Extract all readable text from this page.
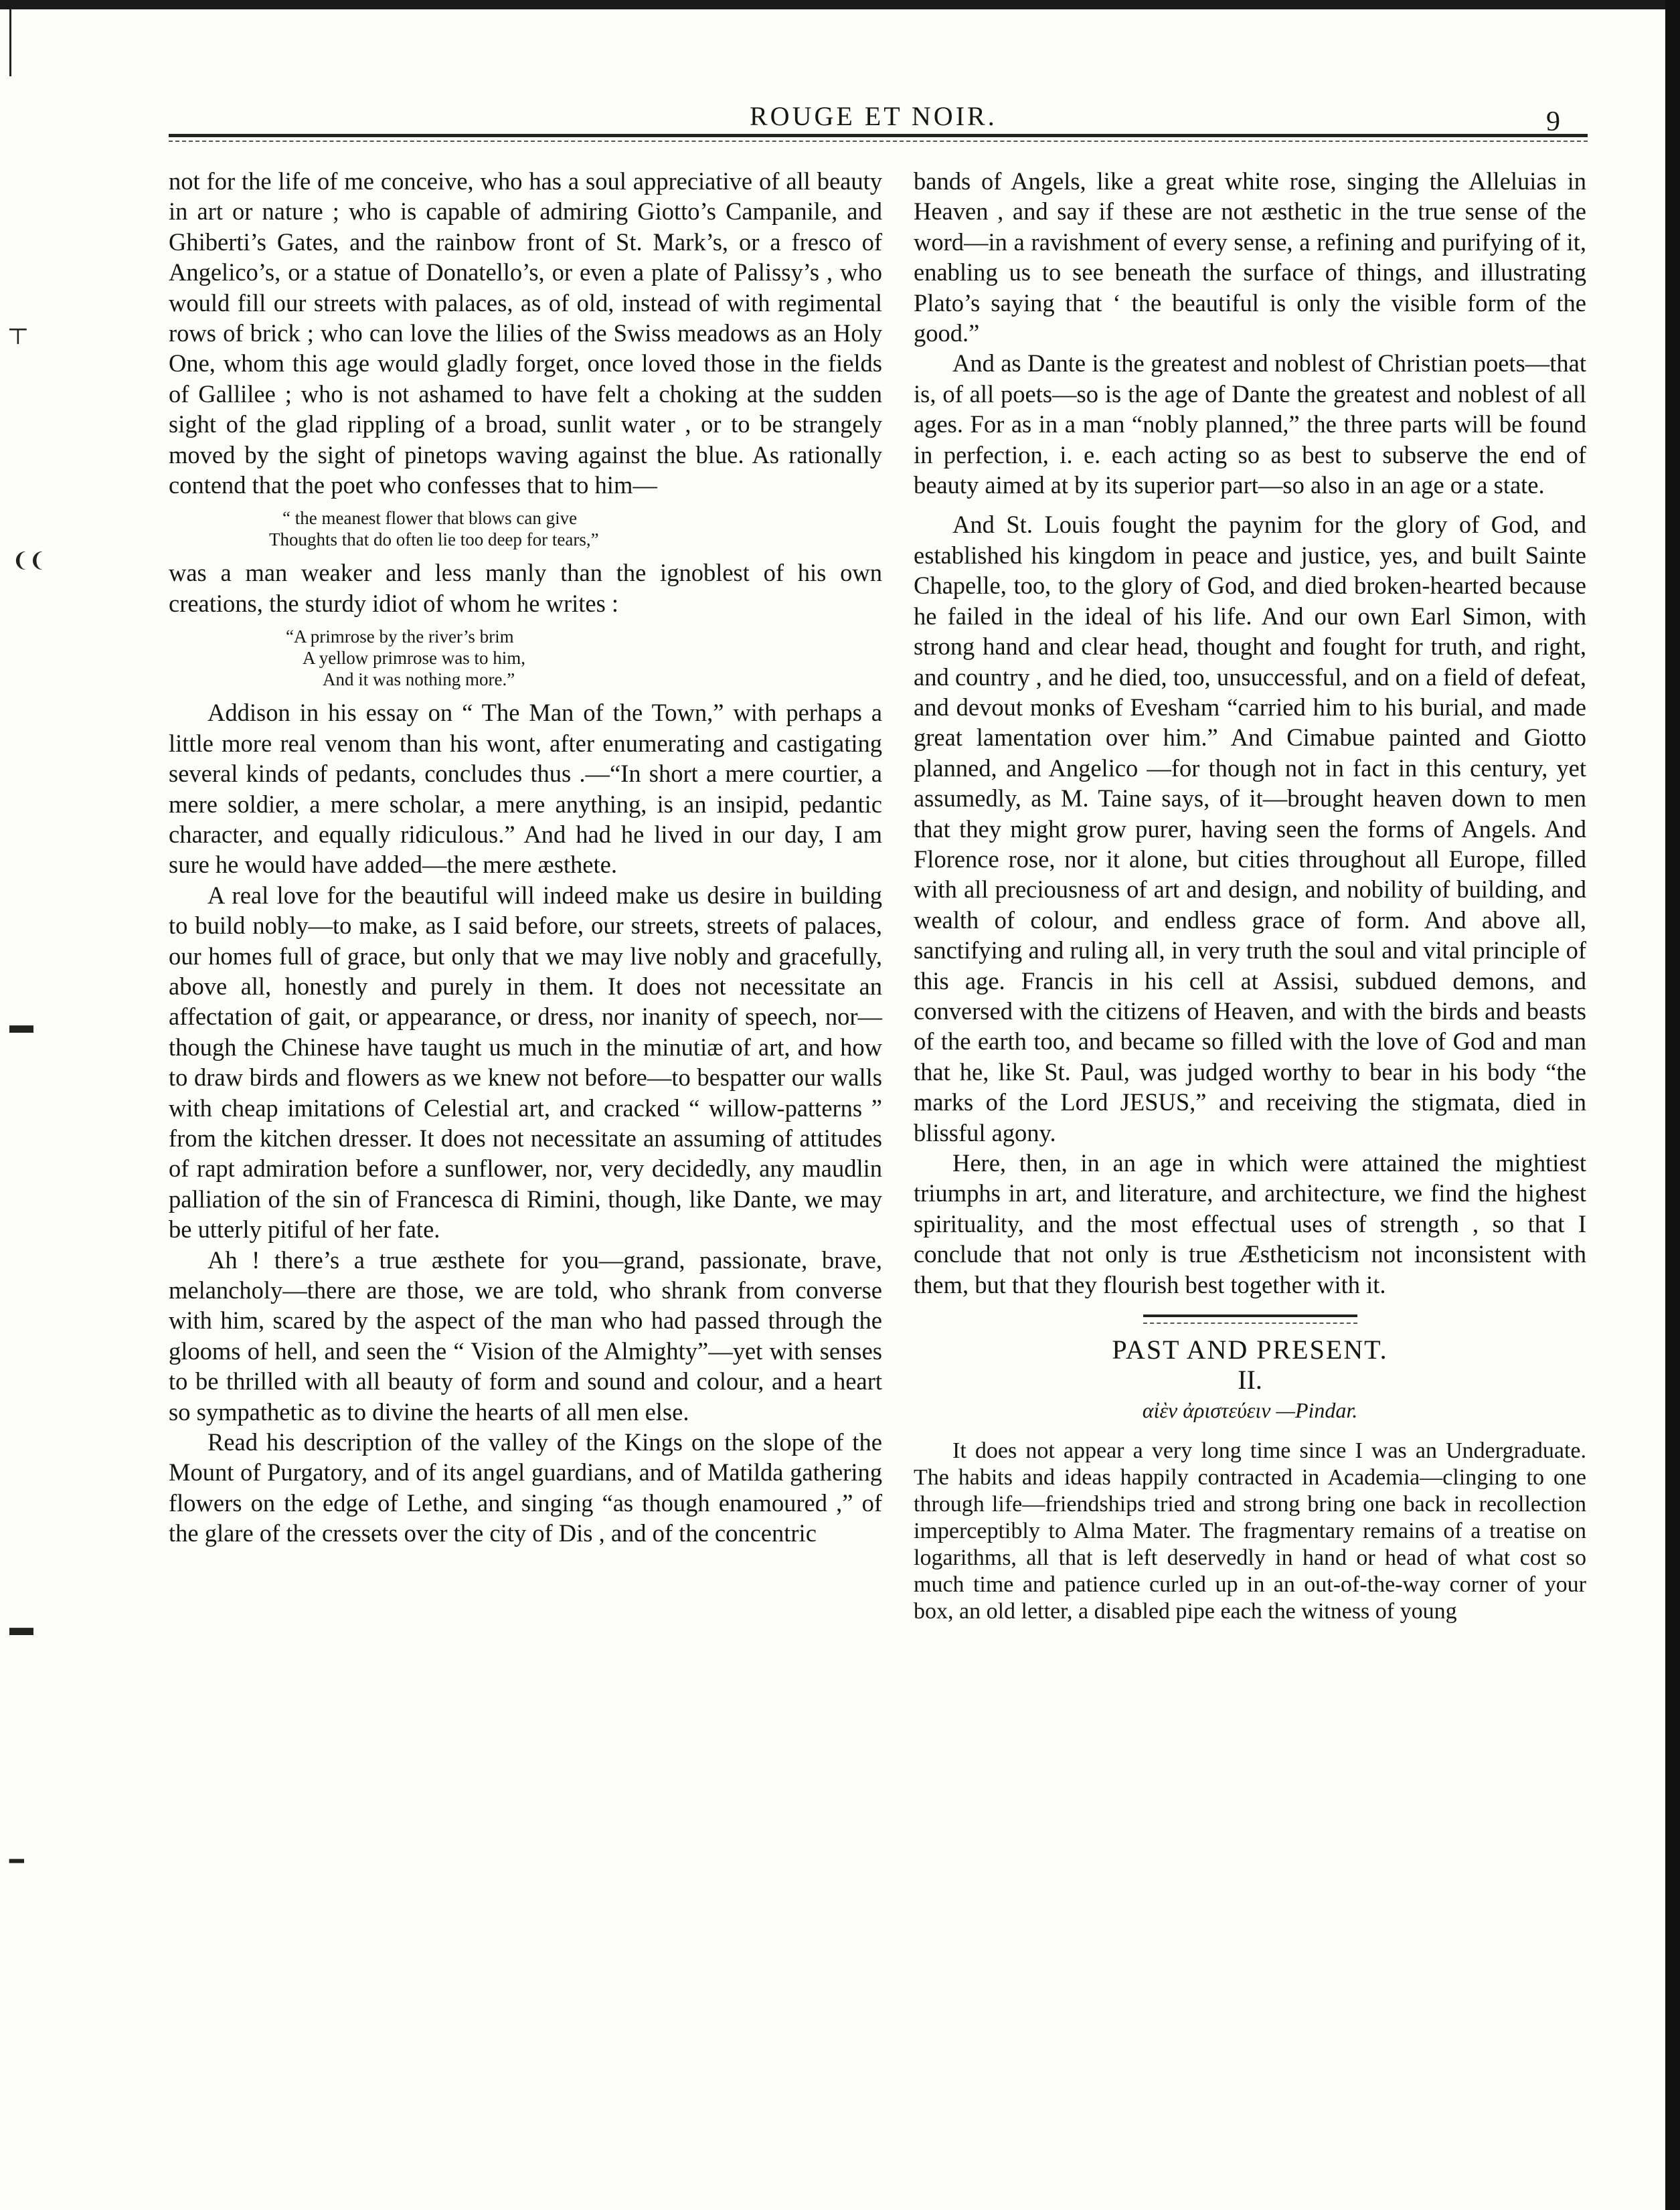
ROUGE ET NOIR.	9
┬
❨❨
▬
▬
━

not for the life of me conceive, who has a soul appreciative of all beauty in art or nature ; who is capable of admiring Giotto’s Campanile, and Ghiberti’s Gates, and the rainbow front of St. Mark’s, or a fresco of Angelico’s, or a statue of Donatello’s, or even a plate of Palissy’s , who would fill our streets with palaces, as of old, instead of with regimental rows of brick ; who can love the lilies of the Swiss meadows as an Holy One, whom this age would gladly forget, once loved those in the fields of Gallilee ; who is not ashamed to have felt a choking at the sudden sight of the glad rippling of a broad, sunlit water , or to be strangely moved by the sight of pinetops waving against the blue. As rationally contend that the poet who confesses that to him—

“ the meanest flower that blows can give

Thoughts that do often lie too deep for tears,”

was a man weaker and less manly than the ignoblest of his own creations, the sturdy idiot of whom he writes :

“A primrose by the river’s brim

A yellow primrose was to him,

And it was nothing more.”

Addison in his essay on “ The Man of the Town,” with perhaps a little more real venom than his wont, after enumerating and castigating several kinds of pedants, concludes thus .—“In short a mere courtier, a mere soldier, a mere scholar, a mere anything, is an insipid, pedantic character, and equally ridiculous.” And had he lived in our day, I am sure he would have added—the mere æsthete.

A real love for the beautiful will indeed make us desire in building to build nobly—to make, as I said before, our streets, streets of palaces, our homes full of grace, but only that we may live nobly and gracefully, above all, honestly and purely in them. It does not necessitate an affectation of gait, or appearance, or dress, nor inanity of speech, nor—though the Chinese have taught us much in the minutiæ of art, and how to draw birds and flowers as we knew not before—to bespatter our walls with cheap imitations of Celestial art, and cracked “ willow-patterns ” from the kitchen dresser. It does not necessitate an assuming of attitudes of rapt admiration before a sunflower, nor, very decidedly, any maudlin palliation of the sin of Francesca di Rimini, though, like Dante, we may be utterly pitiful of her fate.

Ah ! there’s a true æsthete for you—grand, passionate, brave, melancholy—there are those, we are told, who shrank from converse with him, scared by the aspect of the man who had passed through the glooms of hell, and seen the “ Vision of the Almighty”—yet with senses to be thrilled with all beauty of form and sound and colour, and a heart so sympathetic as to divine the hearts of all men else.

Read his description of the valley of the Kings on the slope of the Mount of Purgatory, and of its angel guardians, and of Matilda gathering flowers on the edge of Lethe, and singing “as though enamoured ,” of the glare of the cressets over the city of Dis , and of the concentric

bands of Angels, like a great white rose, singing the Alleluias in Heaven , and say if these are not æsthetic in the true sense of the word—in a ravishment of every sense, a refining and purifying of it, enabling us to see beneath the surface of things, and illustrating Plato’s saying that ‘ the beautiful is only the visible form of the good.”

And as Dante is the greatest and noblest of Christian poets—that is, of all poets—so is the age of Dante the greatest and noblest of all ages. For as in a man “nobly planned,” the three parts will be found in perfection, i. e. each acting so as best to subserve the end of beauty aimed at by its superior part—so also in an age or a state.

And St. Louis fought the paynim for the glory of God, and established his kingdom in peace and justice, yes, and built Sainte Chapelle, too, to the glory of God, and died broken-hearted because he failed in the ideal of his life. And our own Earl Simon, with strong hand and clear head, thought and fought for truth, and right, and country , and he died, too, unsuccessful, and on a field of defeat, and devout monks of Evesham “carried him to his burial, and made great lamentation over him.” And Cimabue painted and Giotto planned, and Angelico —for though not in fact in this century, yet assumedly, as M. Taine says, of it—brought heaven down to men that they might grow purer, having seen the forms of Angels. And Florence rose, nor it alone, but cities throughout all Europe, filled with all preciousness of art and design, and nobility of building, and wealth of colour, and endless grace of form. And above all, sanctifying and ruling all, in very truth the soul and vital principle of this age. Francis in his cell at Assisi, subdued demons, and conversed with the citizens of Heaven, and with the birds and beasts of the earth too, and became so filled with the love of God and man that he, like St. Paul, was judged worthy to bear in his body “the marks of the Lord JESUS,” and receiving the stigmata, died in blissful agony.

Here, then, in an age in which were attained the mightiest triumphs in art, and literature, and architecture, we find the highest spirituality, and the most effectual uses of strength , so that I conclude that not only is true Æstheticism not inconsistent with them, but that they flourish best together with it.

PAST AND PRESENT.

II.

αἰὲν ἀριστεύειν —Pindar.

It does not appear a very long time since I was an Undergraduate. The habits and ideas happily contracted in Academia—clinging to one through life—friendships tried and strong bring one back in recollection imperceptibly to Alma Mater. The fragmentary remains of a treatise on logarithms, all that is left deservedly in hand or head of what cost so much time and patience curled up in an out-of-the-way corner of your box, an old letter, a disabled pipe each the witness of young
